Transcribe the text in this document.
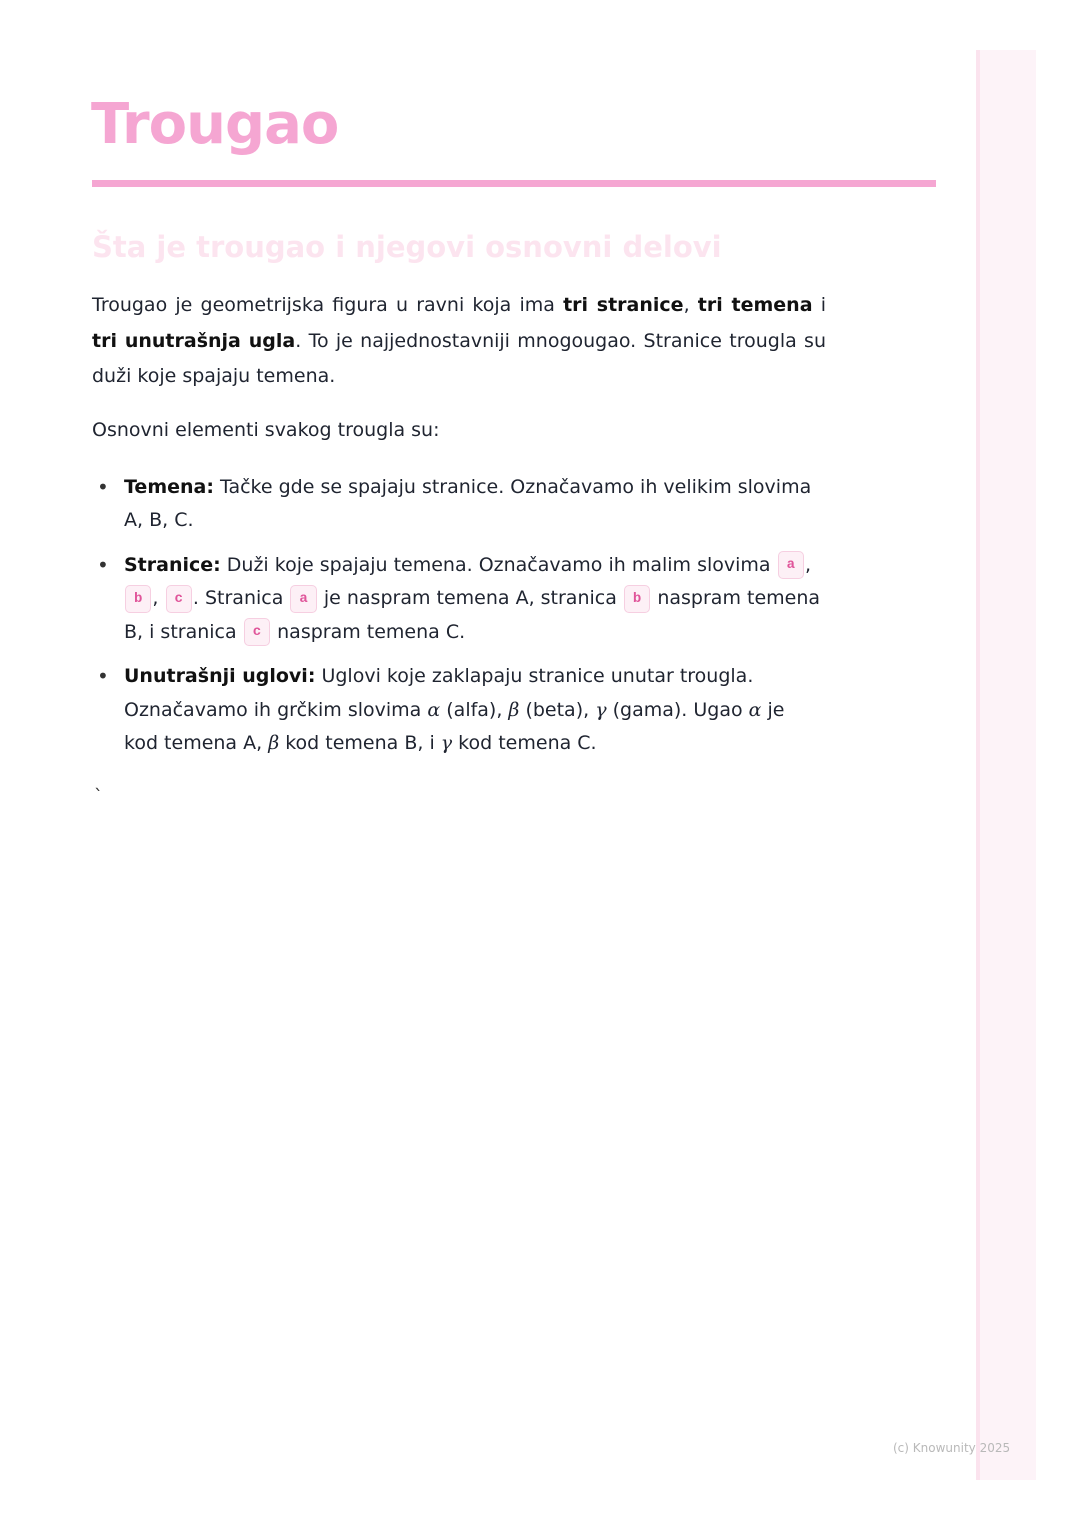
Trougao
Šta je trougao i njegovi osnovni delovi

Trougao je geometrijska figura u ravni koja ima tri stranice, tri temena i tri unutrašnja ugla. To je najjednostavniji mnogougao. Stranice trougla su duži koje spajaju temena.

Osnovni elementi svakog trougla su:

• Temena: Tačke gde se spajaju stranice. Označavamo ih velikim slovima A, B, C.
• Stranice: Duži koje spajaju temena. Označavamo ih malim slovima a , b , c . Stranica a je naspram temena A, stranica b naspram temena B, i stranica c naspram temena C.
• Unutrašnji uglovi: Uglovi koje zaklapaju stranice unutar trougla. Označavamo ih grčkim slovima α (alfa), β (beta), γ (gama). Ugao α je kod temena A, β kod temena B, i γ kod temena C.
`
(c) Knowunity 2025
